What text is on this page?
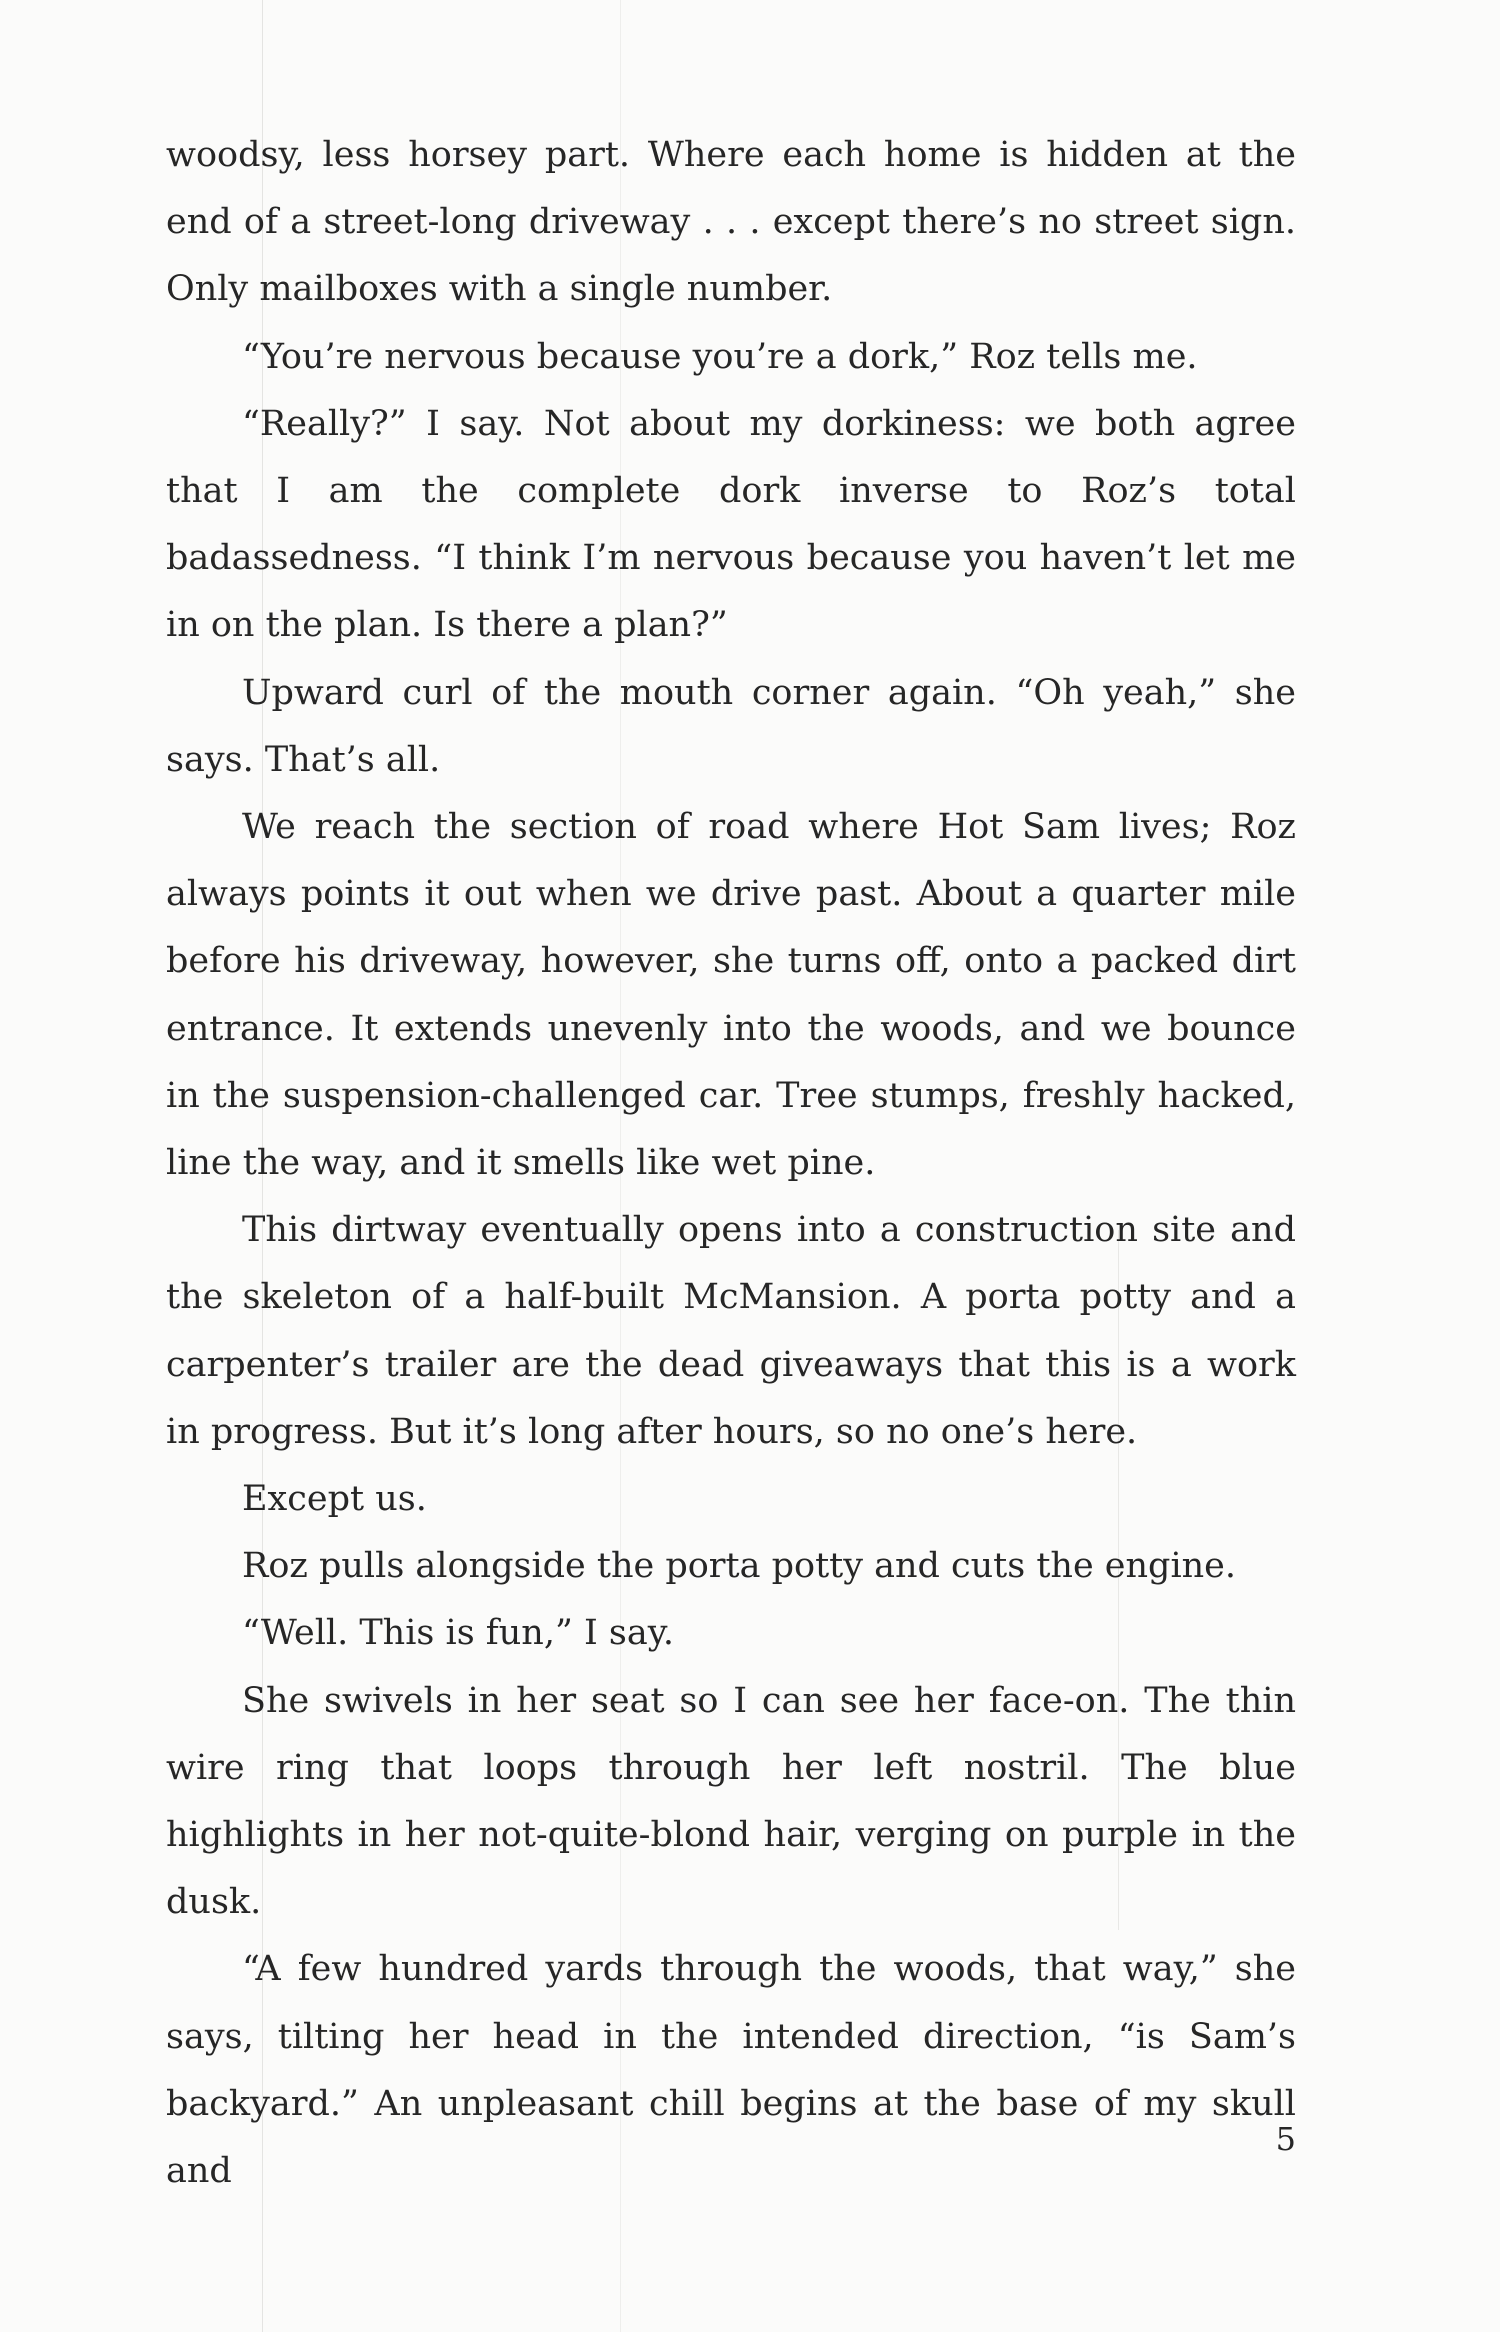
woodsy, less horsey part. Where each home is hidden at the end of a street-long driveway . . . except there’s no street sign. Only mailboxes with a single number.

“You’re nervous because you’re a dork,” Roz tells me.

“Really?” I say. Not about my dorkiness: we both agree that I am the complete dork inverse to Roz’s total badassedness. “I think I’m nervous because you haven’t let me in on the plan. Is there a plan?”

Upward curl of the mouth corner again. “Oh yeah,” she says. That’s all.

We reach the section of road where Hot Sam lives; Roz always points it out when we drive past. About a quarter mile before his driveway, however, she turns off, onto a packed dirt entrance. It extends unevenly into the woods, and we bounce in the suspension-challenged car. Tree stumps, freshly hacked, line the way, and it smells like wet pine.

This dirtway eventually opens into a construction site and the skeleton of a half-built McMansion. A porta potty and a carpenter’s trailer are the dead giveaways that this is a work in progress. But it’s long after hours, so no one’s here.

Except us.

Roz pulls alongside the porta potty and cuts the engine.

“Well. This is fun,” I say.

She swivels in her seat so I can see her face-on. The thin wire ring that loops through her left nostril. The blue highlights in her not-quite-blond hair, verging on purple in the dusk.

“A few hundred yards through the woods, that way,” she says, tilting her head in the intended direction, “is Sam’s backyard.” An unpleasant chill begins at the base of my skull and

5
